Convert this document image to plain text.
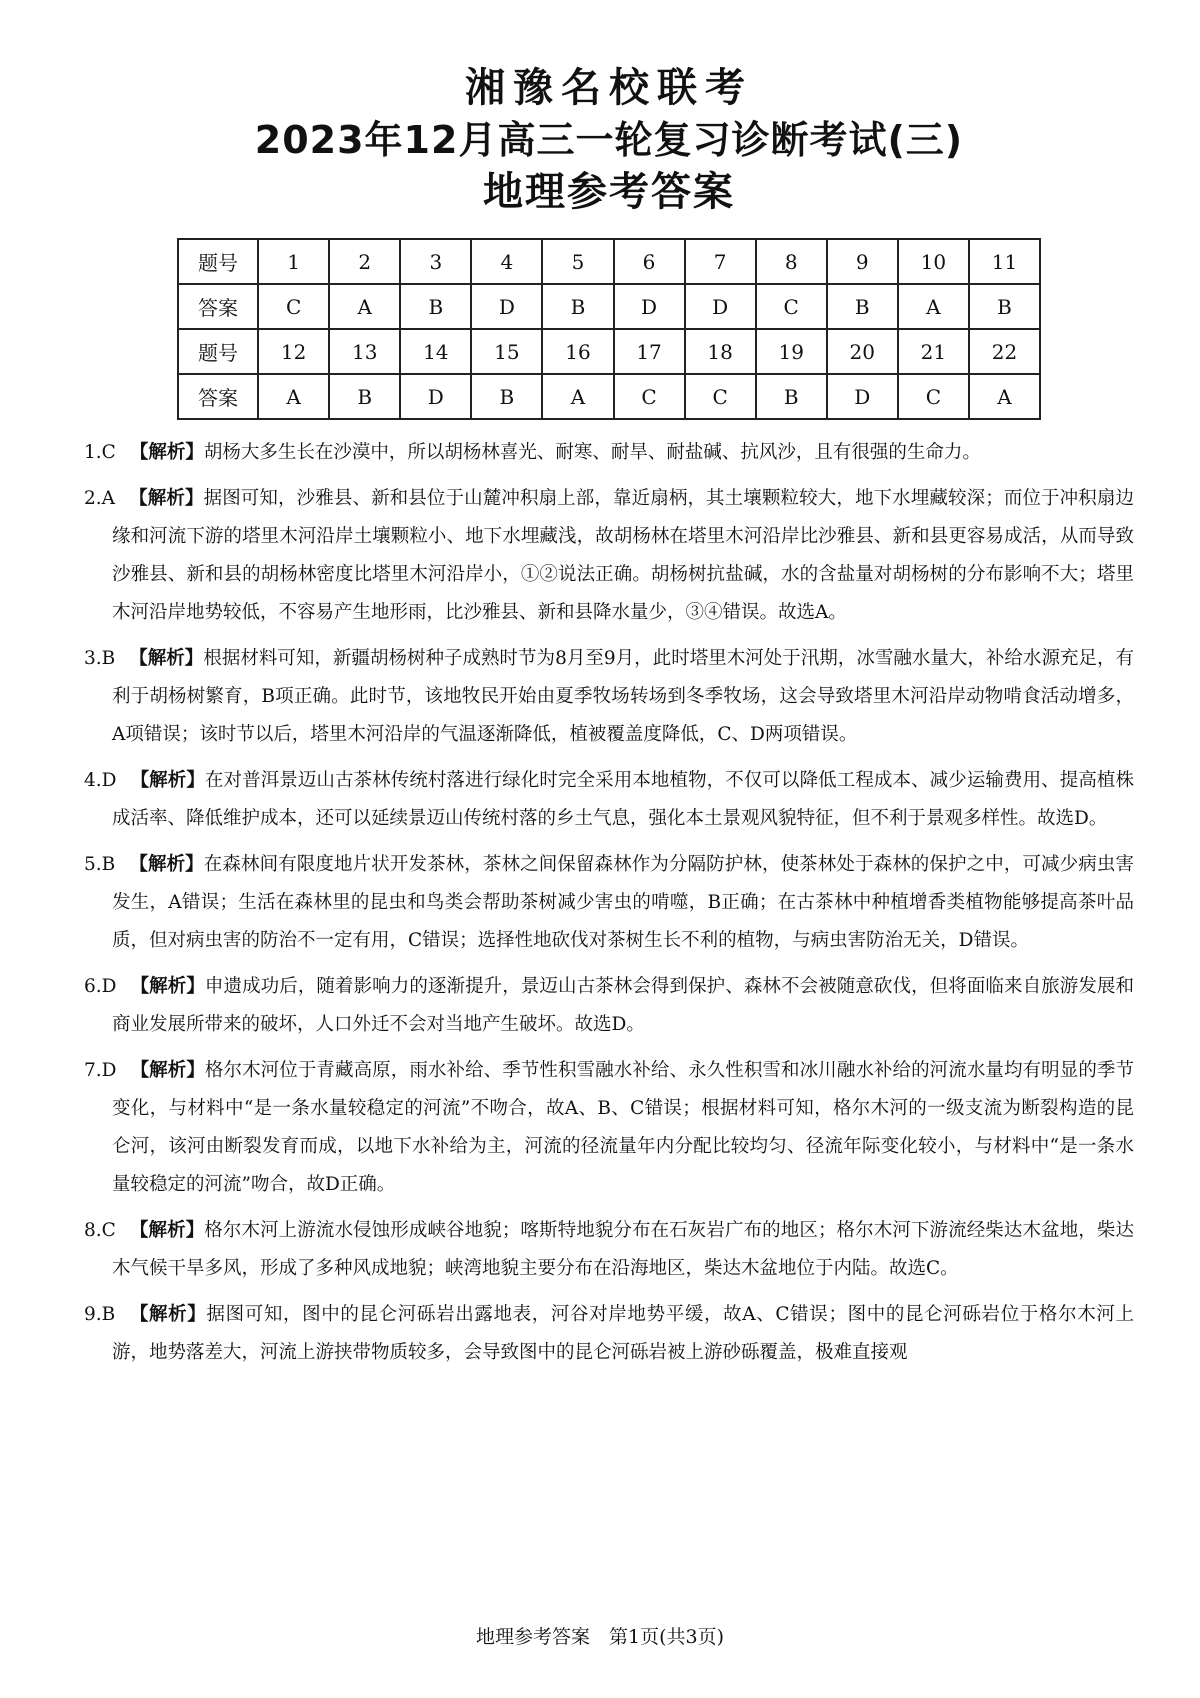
湘豫名校联考
2023年12月高三一轮复习诊断考试(三)
地理参考答案
题号	1	2	3	4	5	6	7	8	9	10	11
答案	C	A	B	D	B	D	D	C	B	A	B
题号	12	13	14	15	16	17	18	19	20	21	22
答案	A	B	D	B	A	C	C	B	D	C	A
1.C 【解析】胡杨大多生长在沙漠中，所以胡杨林喜光、耐寒、耐旱、耐盐碱、抗风沙，且有很强的生命力。
2.A 【解析】据图可知，沙雅县、新和县位于山麓冲积扇上部，靠近扇柄，其土壤颗粒较大，地下水埋藏较深；而位于冲积扇边缘和河流下游的塔里木河沿岸土壤颗粒小、地下水埋藏浅，故胡杨林在塔里木河沿岸比沙雅县、新和县更容易成活，从而导致沙雅县、新和县的胡杨林密度比塔里木河沿岸小，①②说法正确。胡杨树抗盐碱，水的含盐量对胡杨树的分布影响不大；塔里木河沿岸地势较低，不容易产生地形雨，比沙雅县、新和县降水量少，③④错误。故选A。
3.B 【解析】根据材料可知，新疆胡杨树种子成熟时节为8月至9月，此时塔里木河处于汛期，冰雪融水量大，补给水源充足，有利于胡杨树繁育，B项正确。此时节，该地牧民开始由夏季牧场转场到冬季牧场，这会导致塔里木河沿岸动物啃食活动增多，A项错误；该时节以后，塔里木河沿岸的气温逐渐降低，植被覆盖度降低，C、D两项错误。
4.D 【解析】在对普洱景迈山古茶林传统村落进行绿化时完全采用本地植物，不仅可以降低工程成本、减少运输费用、提高植株成活率、降低维护成本，还可以延续景迈山传统村落的乡土气息，强化本土景观风貌特征，但不利于景观多样性。故选D。
5.B 【解析】在森林间有限度地片状开发茶林，茶林之间保留森林作为分隔防护林，使茶林处于森林的保护之中，可减少病虫害发生，A错误；生活在森林里的昆虫和鸟类会帮助茶树减少害虫的啃噬，B正确；在古茶林中种植增香类植物能够提高茶叶品质，但对病虫害的防治不一定有用，C错误；选择性地砍伐对茶树生长不利的植物，与病虫害防治无关，D错误。
6.D 【解析】申遗成功后，随着影响力的逐渐提升，景迈山古茶林会得到保护、森林不会被随意砍伐，但将面临来自旅游发展和商业发展所带来的破坏，人口外迁不会对当地产生破坏。故选D。
7.D 【解析】格尔木河位于青藏高原，雨水补给、季节性积雪融水补给、永久性积雪和冰川融水补给的河流水量均有明显的季节变化，与材料中“是一条水量较稳定的河流”不吻合，故A、B、C错误；根据材料可知，格尔木河的一级支流为断裂构造的昆仑河，该河由断裂发育而成，以地下水补给为主，河流的径流量年内分配比较均匀、径流年际变化较小，与材料中“是一条水量较稳定的河流”吻合，故D正确。
8.C 【解析】格尔木河上游流水侵蚀形成峡谷地貌；喀斯特地貌分布在石灰岩广布的地区；格尔木河下游流经柴达木盆地，柴达木气候干旱多风，形成了多种风成地貌；峡湾地貌主要分布在沿海地区，柴达木盆地位于内陆。故选C。
9.B 【解析】据图可知，图中的昆仑河砾岩出露地表，河谷对岸地势平缓，故A、C错误；图中的昆仑河砾岩位于格尔木河上游，地势落差大，河流上游挟带物质较多，会导致图中的昆仑河砾岩被上游砂砾覆盖，极难直接观
地理参考答案　第1页(共3页)
